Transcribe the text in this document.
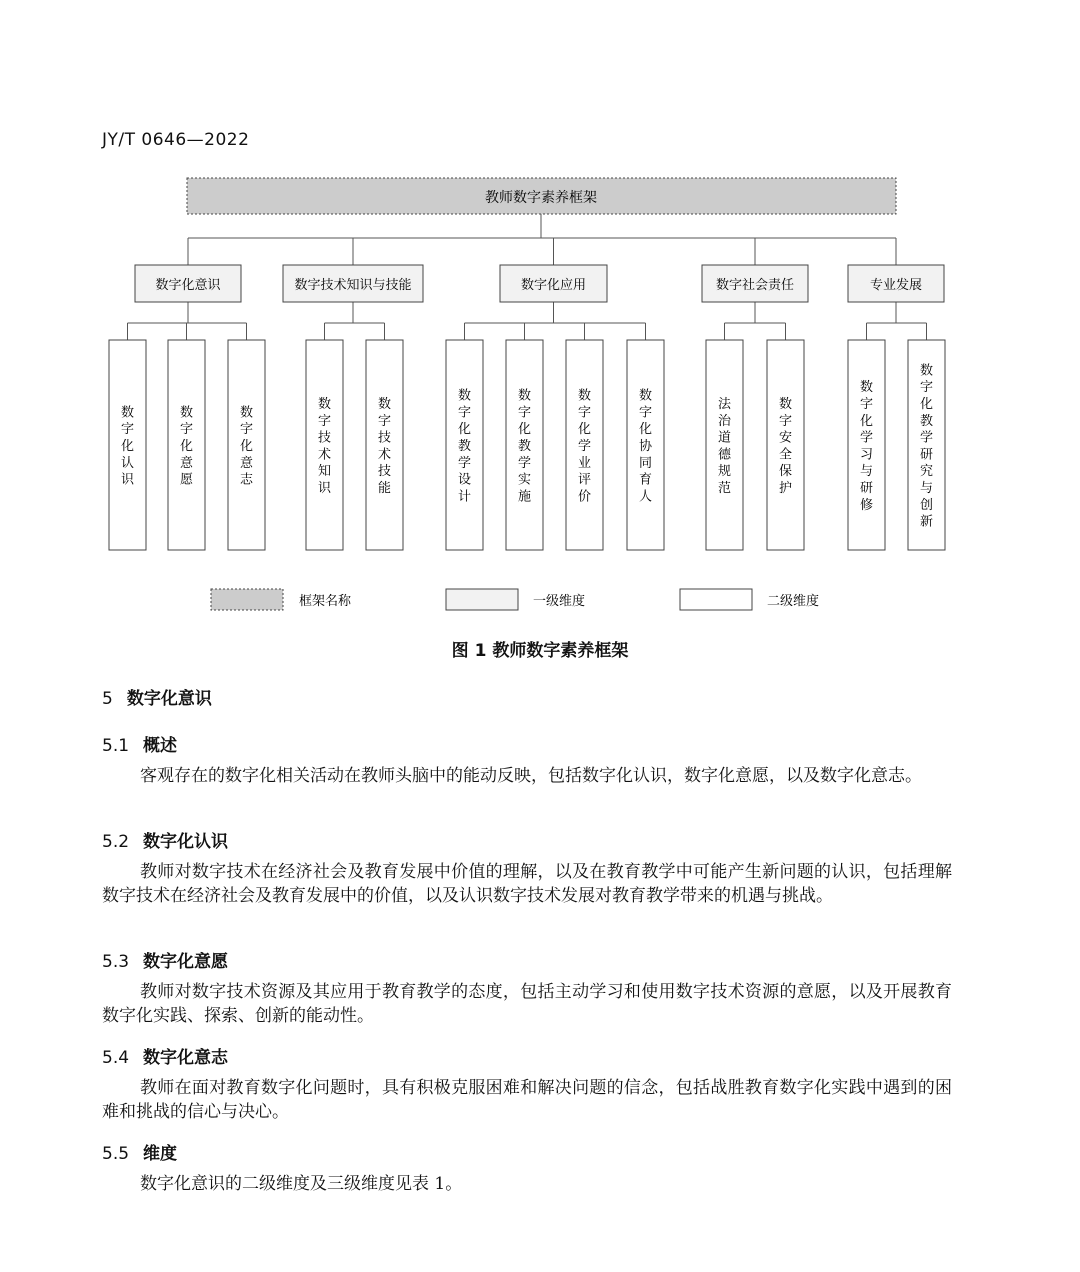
JY/T 0646—2022
教师数字素养框架
数字化意识	数字技术知识与技能	数字化应用	数字社会责任	专业发展
数字化认识
数字化意愿
数字化意志
数字技术知识
数字技术技能
数字化教学设计
数字化教学实施
数字化学业评价
数字化协同育人
法治道德规范
数字安全保护
数字化学习与研修
数字化教学研究与创新
框架名称	一级维度	二级维度
图 1 教师数字素养框架
5 数字化意识
5.1 概述
客观存在的数字化相关活动在教师头脑中的能动反映，包括数字化认识，数字化意愿，以及数字化意志。
5.2 数字化认识
教师对数字技术在经济社会及教育发展中价值的理解，以及在教育教学中可能产生新问题的认识，包括理解数字技术在经济社会及教育发展中的价值，以及认识数字技术发展对教育教学带来的机遇与挑战。
5.3 数字化意愿
教师对数字技术资源及其应用于教育教学的态度，包括主动学习和使用数字技术资源的意愿，以及开展教育数字化实践、探索、创新的能动性。
5.4 数字化意志
教师在面对教育数字化问题时，具有积极克服困难和解决问题的信念，包括战胜教育数字化实践中遇到的困难和挑战的信心与决心。
5.5 维度
数字化意识的二级维度及三级维度见表 1。
